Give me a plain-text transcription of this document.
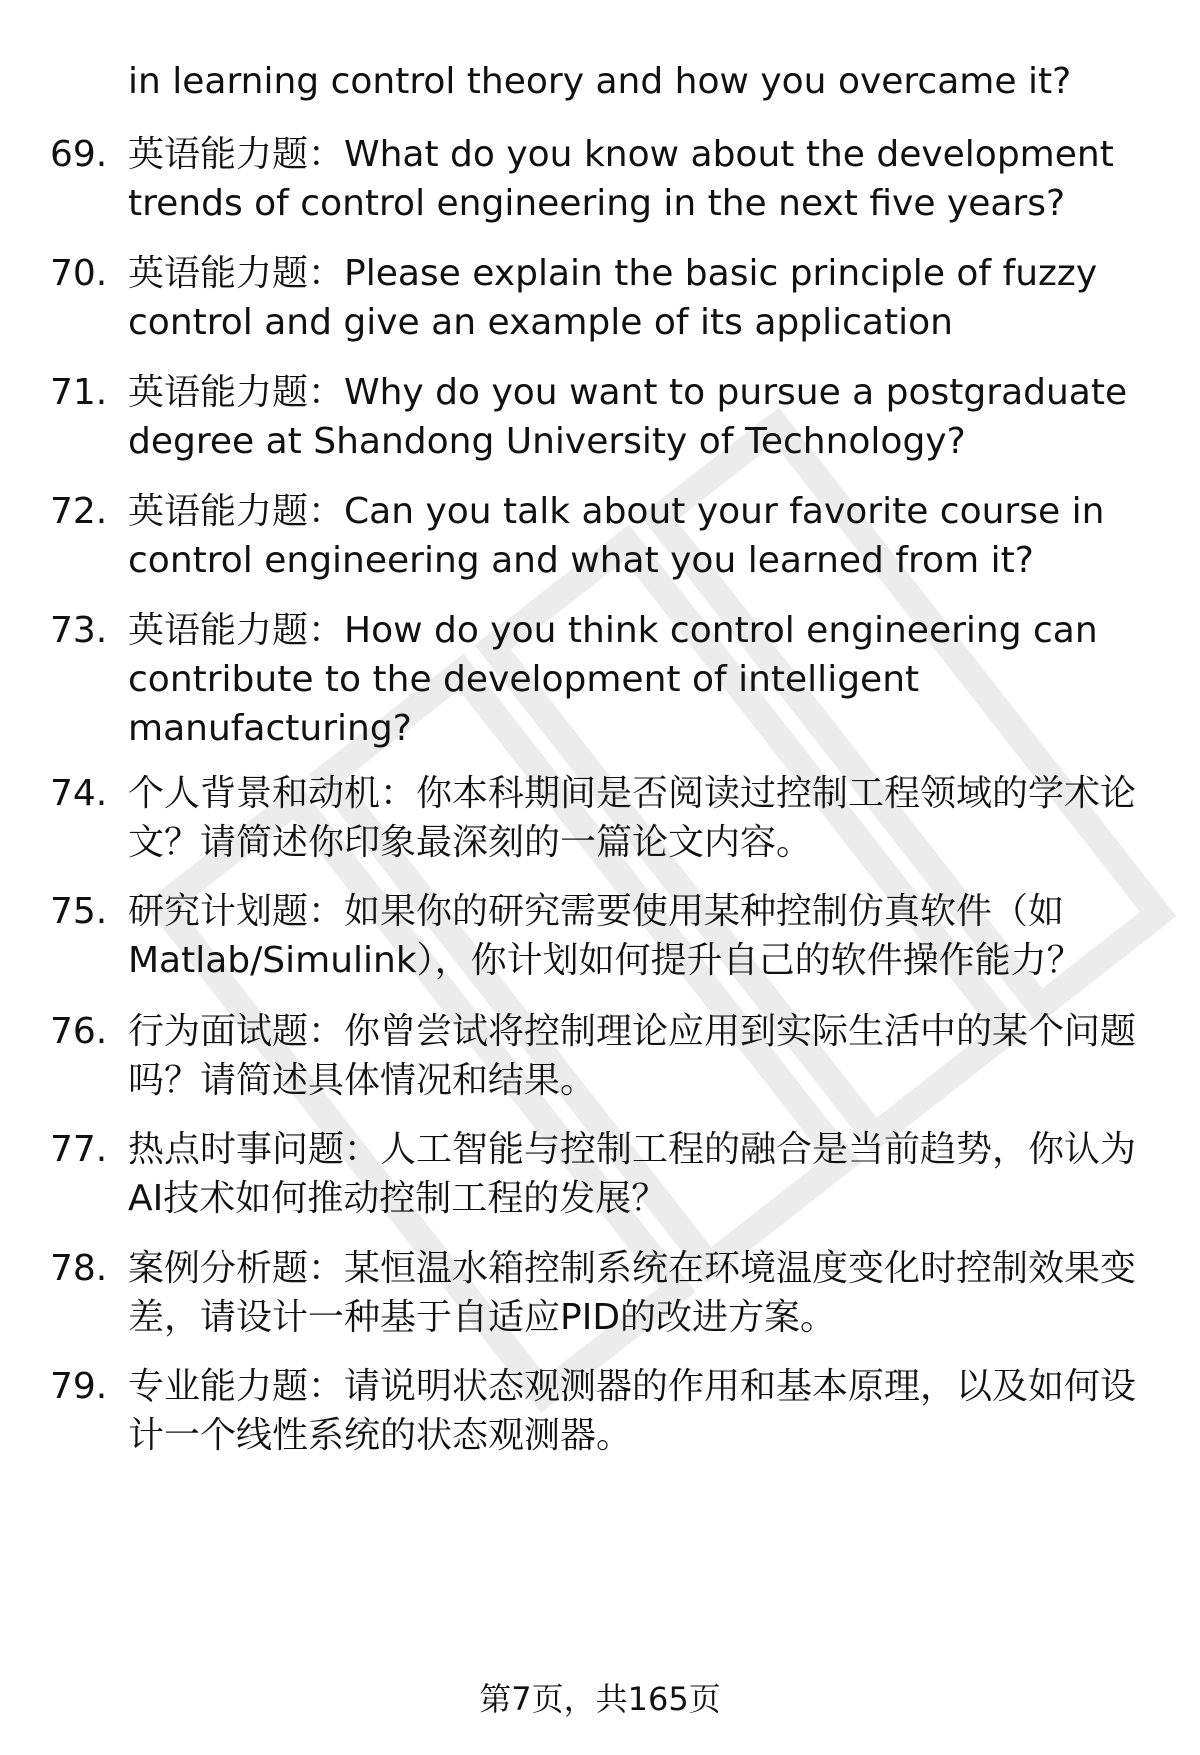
in learning control theory and how you overcame it?

69. 英语能力题：What do you know about the development trends of control engineering in the next five years?
70. 英语能力题：Please explain the basic principle of fuzzy control and give an example of its application
71. 英语能力题：Why do you want to pursue a postgraduate degree at Shandong University of Technology?
72. 英语能力题：Can you talk about your favorite course in control engineering and what you learned from it?
73. 英语能力题：How do you think control engineering can contribute to the development of intelligent manufacturing?
74. 个人背景和动机：你本科期间是否阅读过控制工程领域的学术论文？请简述你印象最深刻的一篇论文内容。
75. 研究计划题：如果你的研究需要使用某种控制仿真软件（如Matlab/Simulink），你计划如何提升自己的软件操作能力？
76. 行为面试题：你曾尝试将控制理论应用到实际生活中的某个问题吗？请简述具体情况和结果。
77. 热点时事问题：人工智能与控制工程的融合是当前趋势，你认为AI技术如何推动控制工程的发展？
78. 案例分析题：某恒温水箱控制系统在环境温度变化时控制效果变差，请设计一种基于自适应PID的改进方案。
79. 专业能力题：请说明状态观测器的作用和基本原理，以及如何设计一个线性系统的状态观测器。
第7页，共165页
